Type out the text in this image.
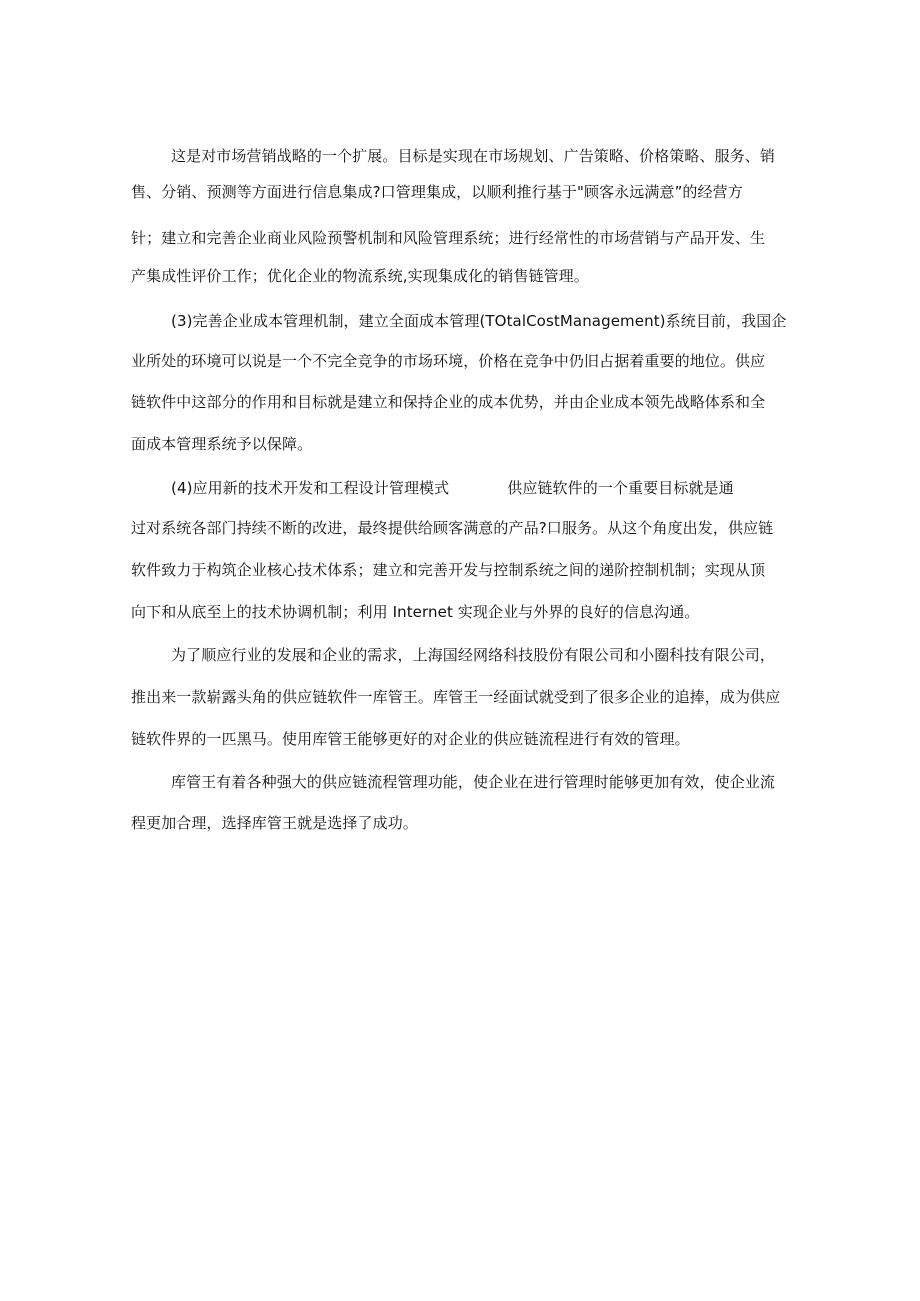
这是对市场营销战略的一个扩展。目标是实现在市场规划、广告策略、价格策略、服务、销
售、分销、预测等方面进行信息集成?口管理集成，以顺利推行基于"顾客永远满意”的经营方
针；建立和完善企业商业风险预警机制和风险管理系统；进行经常性的市场营销与产品开发、生
产集成性评价工作；优化企业的物流系统,实现集成化的销售链管理。
(3)完善企业成本管理机制，建立全面成本管理(TOtalCostManagement)系统目前，我国企
业所处的环境可以说是一个不完全竞争的市场环境，价格在竞争中仍旧占据着重要的地位。供应
链软件中这部分的作用和目标就是建立和保持企业的成本优势，并由企业成本领先战略体系和全
面成本管理系统予以保障。
(4)应用新的技术开发和工程设计管理模式	供应链软件的一个重要目标就是通
过对系统各部门持续不断的改进，最终提供给顾客满意的产品?口服务。从这个角度出发，供应链
软件致力于构筑企业核心技术体系；建立和完善开发与控制系统之间的递阶控制机制；实现从顶
向下和从底至上的技术协调机制；利用 Internet 实现企业与外界的良好的信息沟通。
为了顺应行业的发展和企业的需求，上海国经网络科技股份有限公司和小圈科技有限公司，
推出来一款崭露头角的供应链软件一库管王。库管王一经面试就受到了很多企业的追捧，成为供应
链软件界的一匹黑马。使用库管王能够更好的对企业的供应链流程进行有效的管理。
库管王有着各种强大的供应链流程管理功能，使企业在进行管理时能够更加有效，使企业流
程更加合理，选择库管王就是选择了成功。
